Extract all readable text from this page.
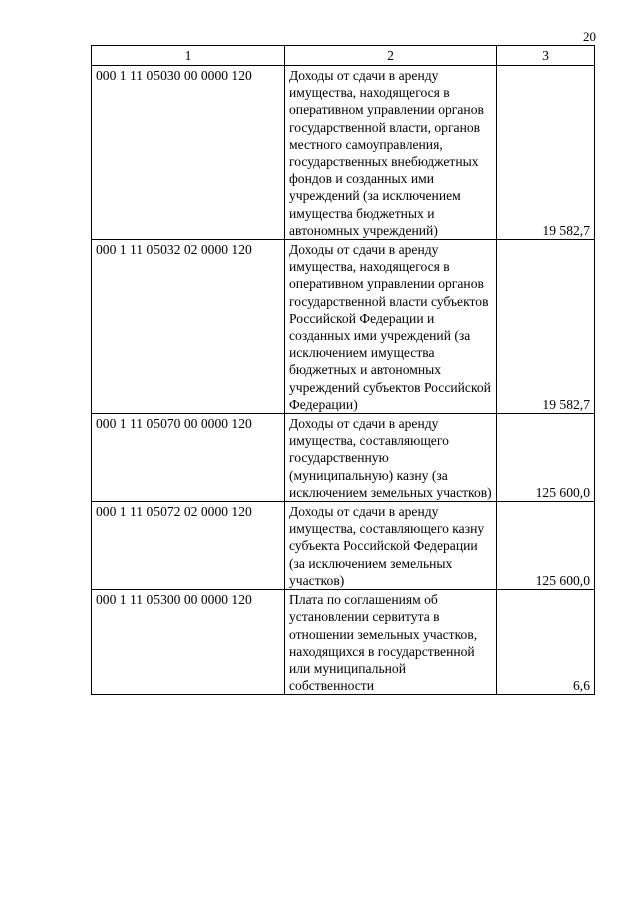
20
1	2	3
000 1 11 05030 00 0000 120	Доходы от сдачи в аренду имущества, находящегося в оперативном управлении органов государственной власти, органов местного самоуправления, государственных внебюджетных фондов и созданных ими учреждений (за исключением имущества бюджетных и автономных учреждений)	19 582,7
000 1 11 05032 02 0000 120	Доходы от сдачи в аренду имущества, находящегося в оперативном управлении органов государственной власти субъектов Российской Федерации и созданных ими учреждений (за исключением имущества бюджетных и автономных учреждений субъектов Российской Федерации)	19 582,7
000 1 11 05070 00 0000 120	Доходы от сдачи в аренду имущества, составляющего государственную (муниципальную) казну (за исключением земельных участков)	125 600,0
000 1 11 05072 02 0000 120	Доходы от сдачи в аренду имущества, составляющего казну субъекта Российской Федерации (за исключением земельных участков)	125 600,0
000 1 11 05300 00 0000 120	Плата по соглашениям об установлении сервитута в отношении земельных участков, находящихся в государственной или муниципальной собственности	6,6
